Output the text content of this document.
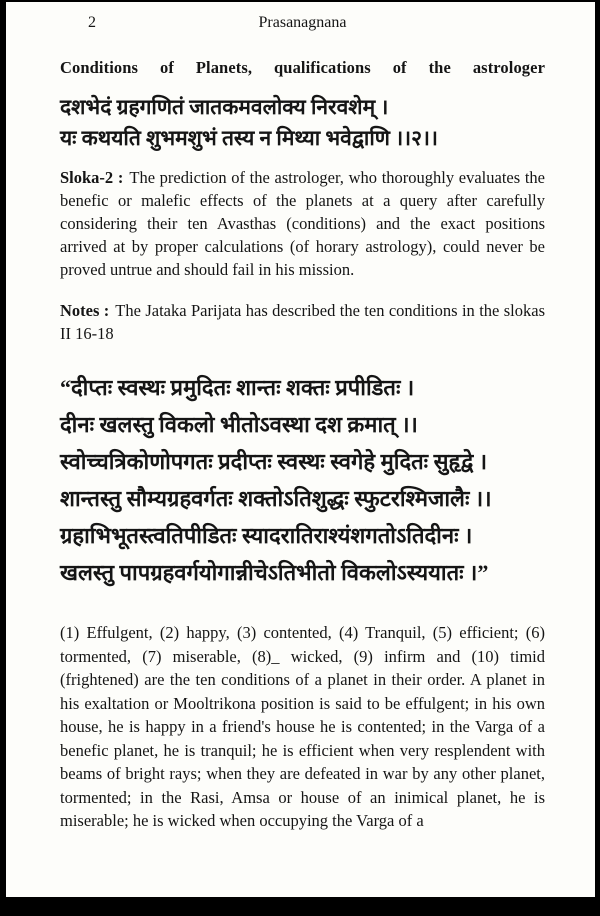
2	Prasanagnana
Conditions of Planets, qualifications of the astrologer
दशभेदं ग्रहगणितं जातकमवलोक्य निरवशेम् ।
यः कथयति शुभमशुभं तस्य न मिथ्या भवेद्वाणि ।।२।।

Sloka-2 : The prediction of the astrologer, who thoroughly evaluates the benefic or malefic effects of the planets at a query after carefully considering their ten Avasthas (conditions) and the exact positions arrived at by proper calculations (of horary astrology), could never be proved untrue and should fail in his mission.

Notes : The Jataka Parijata has described the ten conditions in the slokas II 16-18

“दीप्तः स्वस्थः प्रमुदितः शान्तः शक्तः प्रपीडितः ।
दीनः खलस्तु विकलो भीतोऽवस्था दश क्रमात् ।।
स्वोच्चत्रिकोणोपगतः प्रदीप्तः स्वस्थः स्वगेहे मुदितः सुहृद्वे ।
शान्तस्तु सौम्यग्रहवर्गतः शक्तोऽतिशुद्धः स्फुटरश्मिजालैः ।।
ग्रहाभिभूतस्त्वतिपीडितः स्यादरातिराश्यंशगतोऽतिदीनः ।
खलस्तु पापग्रहवर्गयोगान्नीचेऽतिभीतो विकलोऽस्ययातः ।”

(1) Effulgent, (2) happy, (3) contented, (4) Tranquil, (5) efficient; (6) tormented, (7) miserable, (8)_ wicked, (9) infirm and (10) timid (frightened) are the ten conditions of a planet in their order. A planet in his exaltation or Mooltrikona position is said to be effulgent; in his own house, he is happy in a friend's house he is contented; in the Varga of a benefic planet, he is tranquil; he is efficient when very resplendent with beams of bright rays; when they are defeated in war by any other planet, tormented; in the Rasi, Amsa or house of an inimical planet, he is miserable; he is wicked when occupying the Varga of a
